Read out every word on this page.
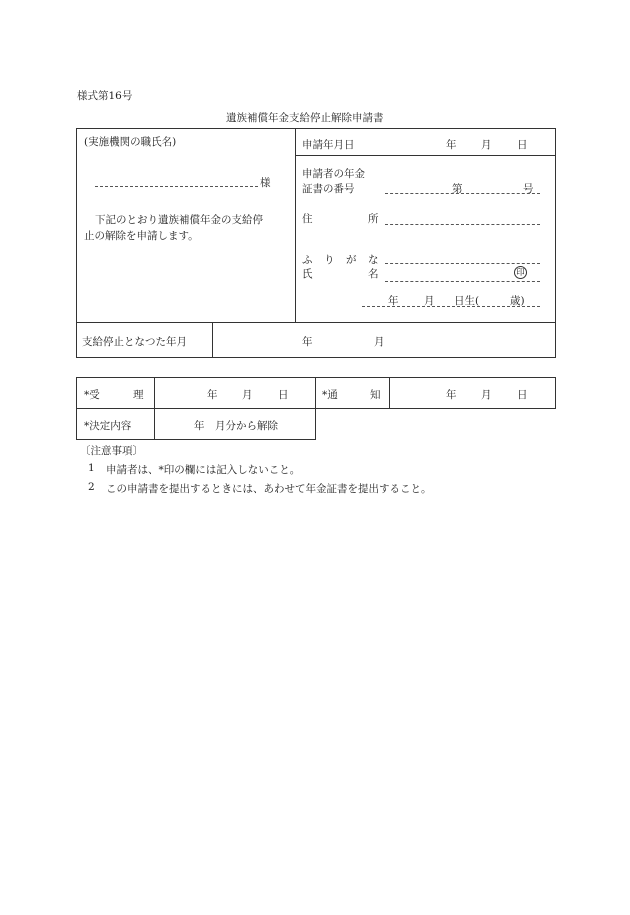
様式第16号
遺族補償年金支給停止解除申請書
(実施機関の職氏名)
様
下記のとおり遺族補償年金の支給停
止の解除を申請します。
申請年月日	年 月 日
申請者の年金
証書の番号	第	号
住	所
ふ り が な
氏	名	印
年 月 日生(	歳)
支給停止となつた年月	年	月
*受	理	年 月 日	*通	知	年 月 日
*決定内容	年　月分から解除
〔注意事項〕
1 申請者は、*印の欄には記入しないこと。
2 この申請書を提出するときには、あわせて年金証書を提出すること。
